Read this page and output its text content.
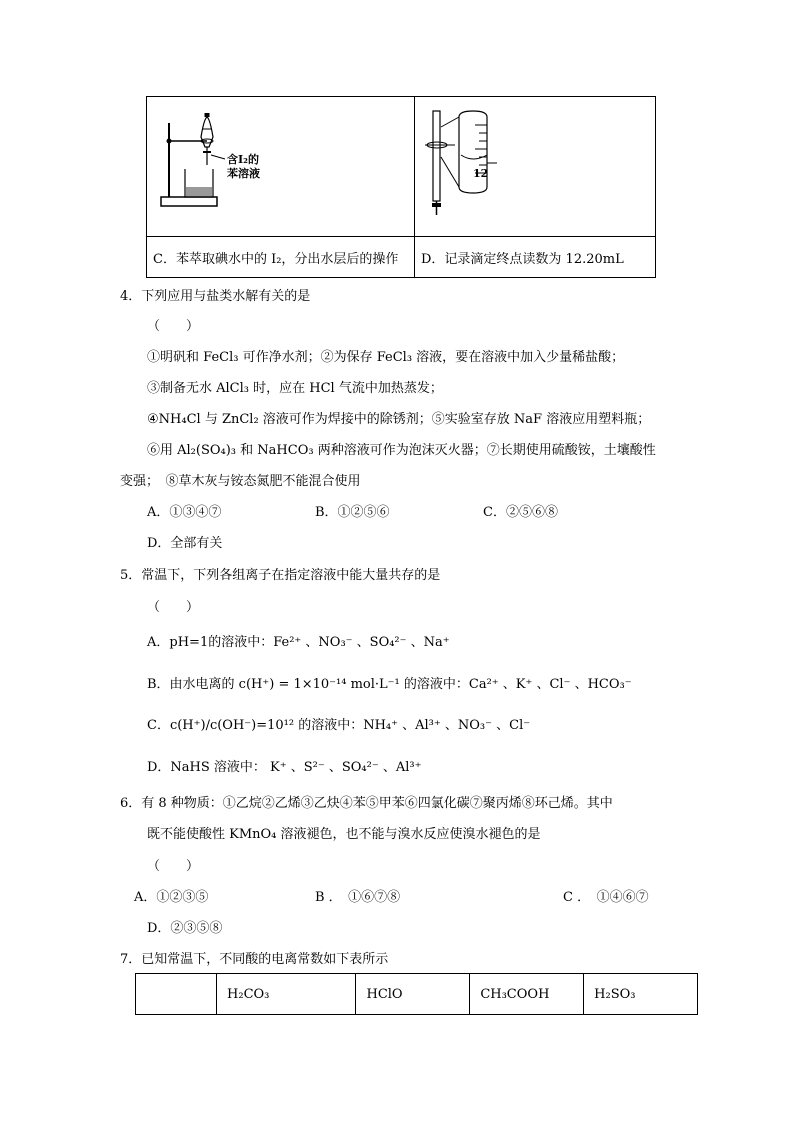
含I₂的
苯溶液	12

C．苯萃取碘水中的 I₂，分出水层后的操作	D．记录滴定终点读数为 12.20mL
4．下列应用与盐类水解有关的是
（　　）
①明矾和 FeCl₃ 可作净水剂；②为保存 FeCl₃ 溶液，要在溶液中加入少量稀盐酸；
③制备无水 AlCl₃ 时，应在 HCl 气流中加热蒸发；
④NH₄Cl 与 ZnCl₂ 溶液可作为焊接中的除锈剂；⑤实验室存放 NaF 溶液应用塑料瓶；
⑥用 Al₂(SO₄)₃ 和 NaHCO₃ 两种溶液可作为泡沫灭火器；⑦长期使用硫酸铵，土壤酸性
变强；　⑧草木灰与铵态氮肥不能混合使用
A．①③④⑦	B．①②⑤⑥	C．②⑤⑥⑧
D．全部有关
5．常温下，下列各组离子在指定溶液中能大量共存的是
（　　）
A．pH=1的溶液中：Fe²⁺ 、NO₃⁻ 、SO₄²⁻ 、Na⁺
B．由水电离的 c(H⁺) = 1×10⁻¹⁴ mol·L⁻¹ 的溶液中：Ca²⁺ 、K⁺ 、Cl⁻ 、HCO₃⁻
C．c(H⁺)/c(OH⁻)=10¹² 的溶液中：NH₄⁺ 、Al³⁺ 、NO₃⁻ 、Cl⁻
D．NaHS 溶液中： K⁺ 、S²⁻ 、SO₄²⁻ 、Al³⁺
6．有 8 种物质：①乙烷②乙烯③乙炔④苯⑤甲苯⑥四氯化碳⑦聚丙烯⑧环己烯。其中
既不能使酸性 KMnO₄ 溶液褪色，也不能与溴水反应使溴水褪色的是
（　　）
A．①②③⑤	B ．　①⑥⑦⑧	C ．　①④⑥⑦
D．②③⑤⑧
7．已知常温下，不同酸的电离常数如下表所示
	H₂CO₃	HClO	CH₃COOH	H₂SO₃
